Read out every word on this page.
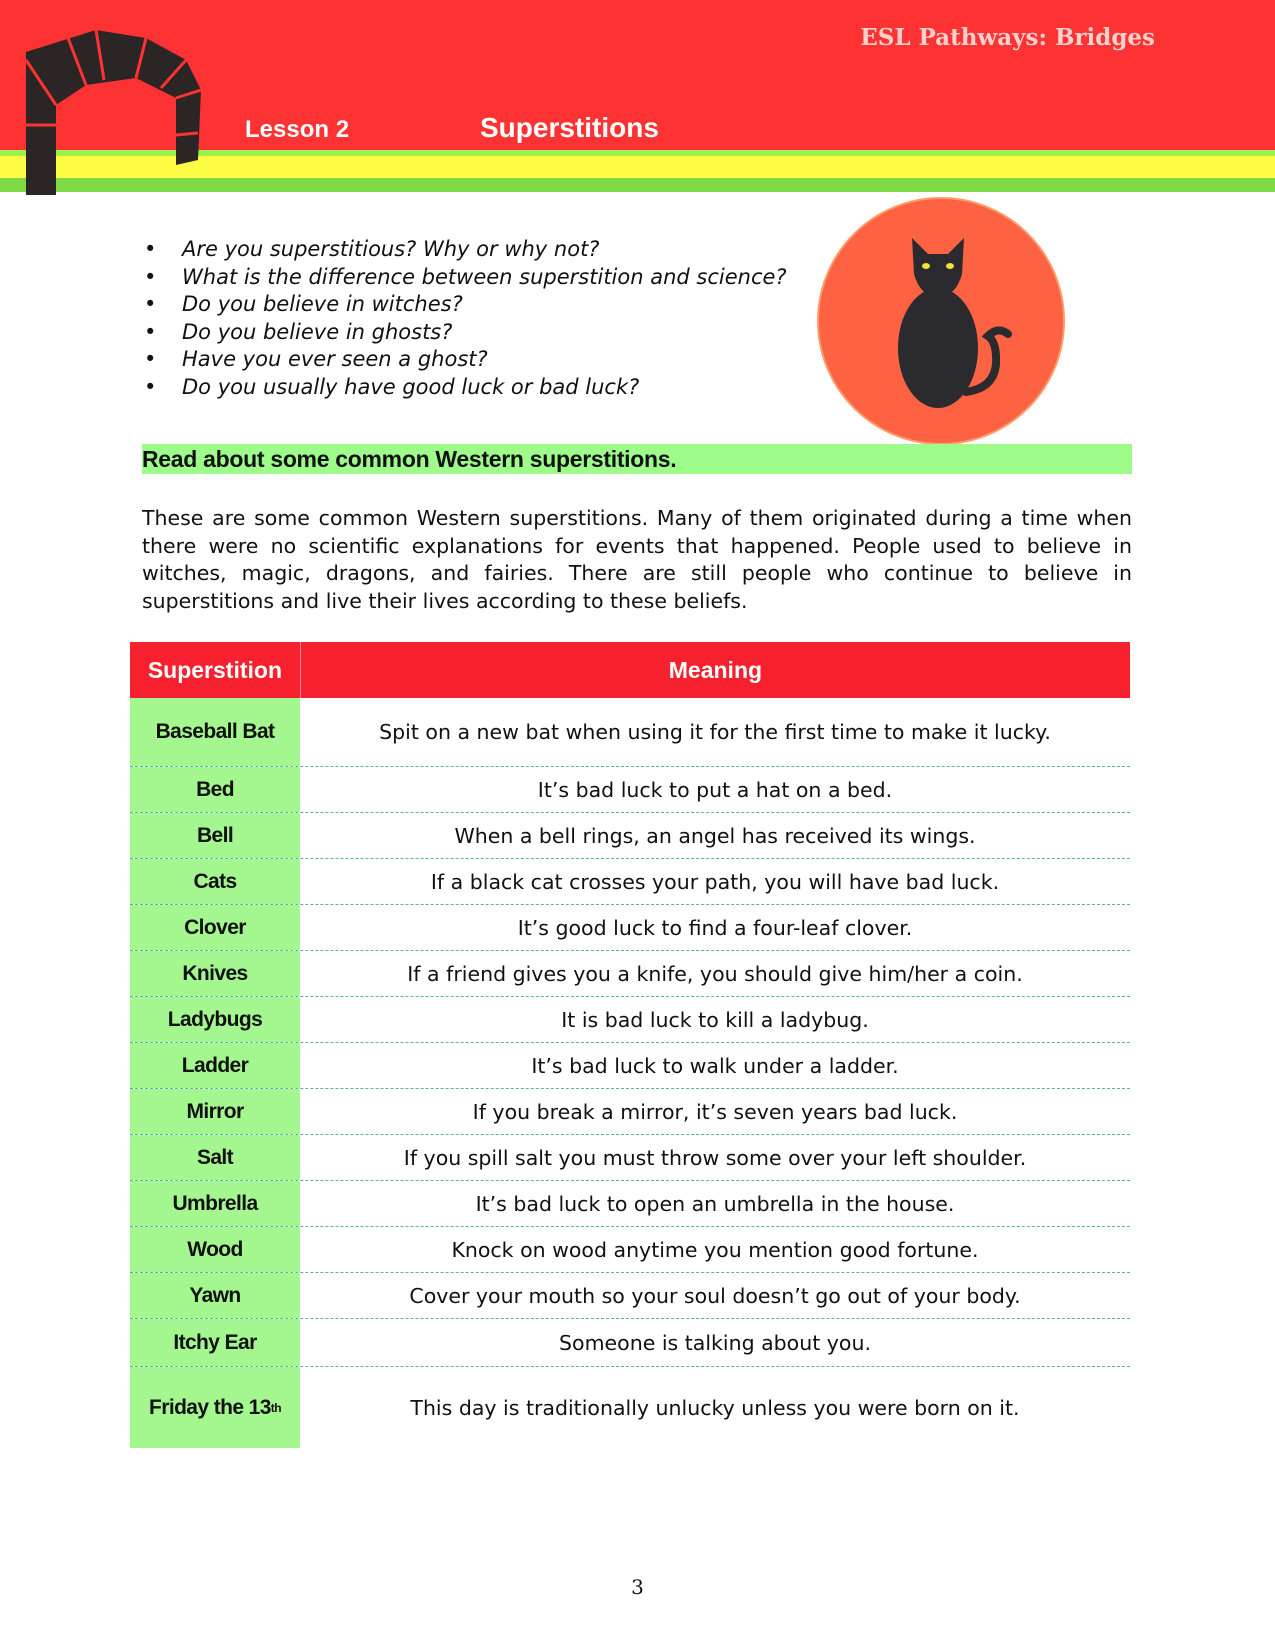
ESL Pathways: Bridges
Lesson 2	Superstitions
• Are you superstitious? Why or why not?
• What is the difference between superstition and science?
• Do you believe in witches?
• Do you believe in ghosts?
• Have you ever seen a ghost?
• Do you usually have good luck or bad luck?
Read about some common Western superstitions.

These are some common Western superstitions. Many of them originated during a time when there were no scientific explanations for events that happened. People used to believe in witches, magic, dragons, and fairies. There are still people who continue to believe in superstitions and live their lives according to these beliefs.

Superstition	Meaning
Baseball Bat	Spit on a new bat when using it for the first time to make it lucky.
Bed	It’s bad luck to put a hat on a bed.
Bell	When a bell rings, an angel has received its wings.
Cats	If a black cat crosses your path, you will have bad luck.
Clover	It’s good luck to find a four-leaf clover.
Knives	If a friend gives you a knife, you should give him/her a coin.
Ladybugs	It is bad luck to kill a ladybug.
Ladder	It’s bad luck to walk under a ladder.
Mirror	If you break a mirror, it’s seven years bad luck.
Salt	If you spill salt you must throw some over your left shoulder.
Umbrella	It’s bad luck to open an umbrella in the house.
Wood	Knock on wood anytime you mention good fortune.
Yawn	Cover your mouth so your soul doesn’t go out of your body.
Itchy Ear	Someone is talking about you.
Friday the 13 th	This day is traditionally unlucky unless you were born on it.
3
